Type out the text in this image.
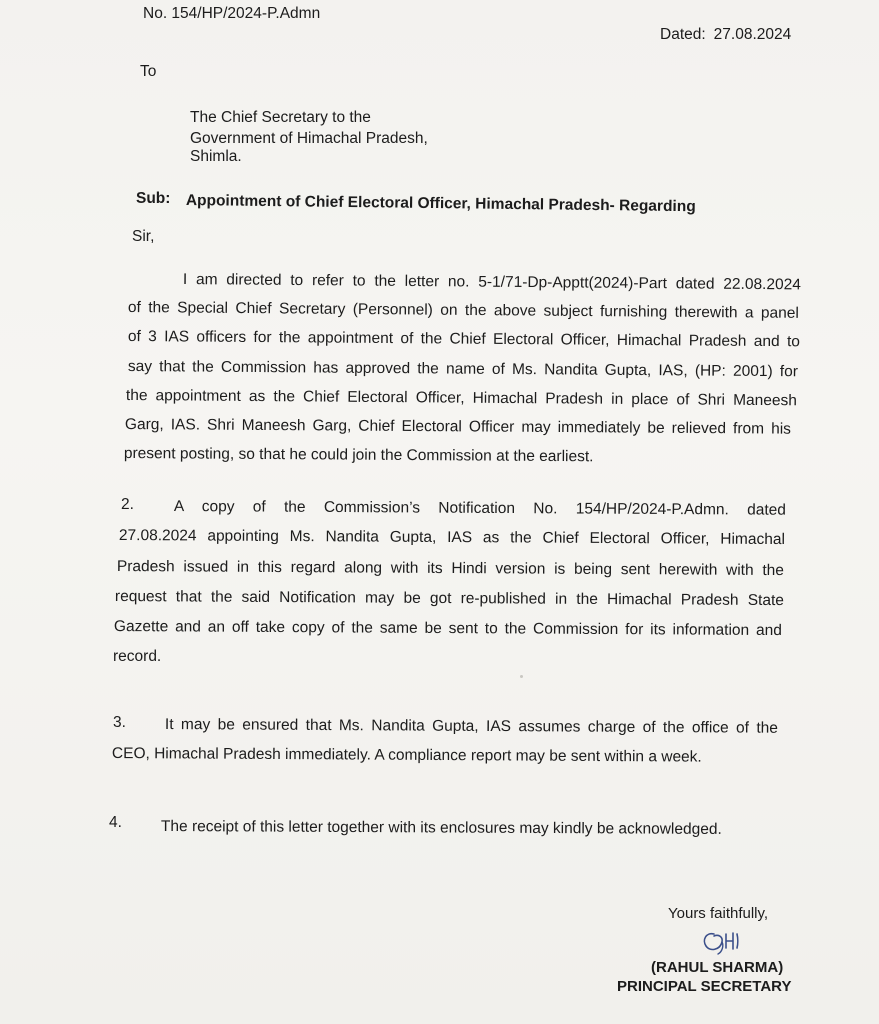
No. 154/HP/2024-P.Admn
Dated: 27.08.2024
To
The Chief Secretary to the
Government of Himachal Pradesh,
Shimla.
Sub: Appointment of Chief Electoral Officer, Himachal Pradesh- Regarding
Sir,
I am directed to refer to the letter no. 5-1/71-Dp-Apptt(2024)-Part dated 22.08.2024
of the Special Chief Secretary (Personnel) on the above subject furnishing therewith a panel
of 3 IAS officers for the appointment of the Chief Electoral Officer, Himachal Pradesh and to
say that the Commission has approved the name of Ms. Nandita Gupta, IAS, (HP: 2001) for
the appointment as the Chief Electoral Officer, Himachal Pradesh in place of Shri Maneesh
Garg, IAS. Shri Maneesh Garg, Chief Electoral Officer may immediately be relieved from his
present posting, so that he could join the Commission at the earliest.
2.	A copy of the Commission’s Notification No. 154/HP/2024-P.Admn. dated
27.08.2024 appointing Ms. Nandita Gupta, IAS as the Chief Electoral Officer, Himachal
Pradesh issued in this regard along with its Hindi version is being sent herewith with the
request that the said Notification may be got re-published in the Himachal Pradesh State
Gazette and an off take copy of the same be sent to the Commission for its information and
record.
3.	It may be ensured that Ms. Nandita Gupta, IAS assumes charge of the office of the
CEO, Himachal Pradesh immediately. A compliance report may be sent within a week.
4.	The receipt of this letter together with its enclosures may kindly be acknowledged.
Yours faithfully,
(RAHUL SHARMA)
PRINCIPAL SECRETARY
